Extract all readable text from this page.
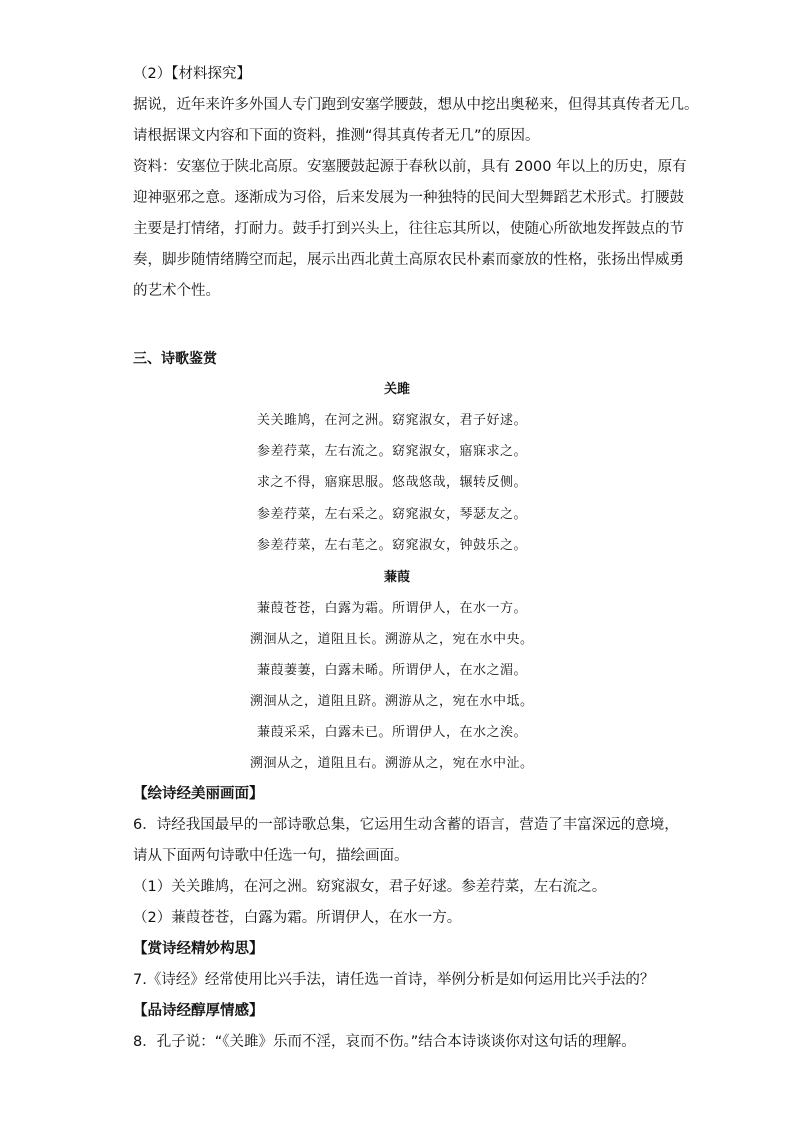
（2）【材料探究】
据说，近年来许多外国人专门跑到安塞学腰鼓，想从中挖出奥秘来，但得其真传者无几。
请根据课文内容和下面的资料，推测“得其真传者无几”的原因。
资料：安塞位于陕北高原。安塞腰鼓起源于春秋以前，具有 2000 年以上的历史，原有
迎神驱邪之意。逐渐成为习俗，后来发展为一种独特的民间大型舞蹈艺术形式。打腰鼓
主要是打情绪，打耐力。鼓手打到兴头上，往往忘其所以，使随心所欲地发挥鼓点的节
奏，脚步随情绪腾空而起，展示出西北黄土高原农民朴素而豪放的性格，张扬出悍威勇
的艺术个性。
三、诗歌鉴赏
关雎
关关雎鸠，在河之洲。窈窕淑女，君子好逑。
参差荇菜，左右流之。窈窕淑女，寤寐求之。
求之不得，寤寐思服。悠哉悠哉，辗转反侧。
参差荇菜，左右采之。窈窕淑女，琴瑟友之。
参差荇菜，左右芼之。窈窕淑女，钟鼓乐之。
蒹葭
蒹葭苍苍，白露为霜。所谓伊人，在水一方。
溯洄从之，道阻且长。溯游从之，宛在水中央。
蒹葭萋萋，白露未晞。所谓伊人，在水之湄。
溯洄从之，道阻且跻。溯游从之，宛在水中坻。
蒹葭采采，白露未已。所谓伊人，在水之涘。
溯洄从之，道阻且右。溯游从之，宛在水中沚。
【绘诗经美丽画面】
6．诗经我国最早的一部诗歌总集，它运用生动含蓄的语言，营造了丰富深远的意境，
请从下面两句诗歌中任选一句，描绘画面。
（1）关关雎鸠，在河之洲。窈窕淑女，君子好逑。参差荇菜，左右流之。
（2）蒹葭苍苍，白露为霜。所谓伊人，在水一方。
【赏诗经精妙构思】
7.《诗经》经常使用比兴手法，请任选一首诗，举例分析是如何运用比兴手法的？
【品诗经醇厚情感】
8．孔子说：“《关雎》乐而不淫，哀而不伤。”结合本诗谈谈你对这句话的理解。
